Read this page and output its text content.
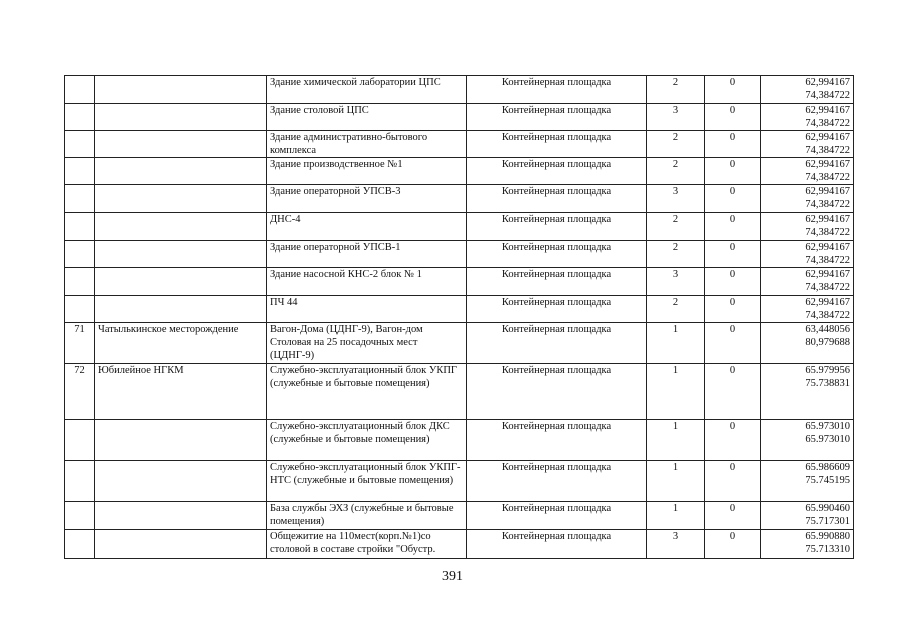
		Здание химической лаборатории ЦПС	Контейнерная площадка	2	0	62,994167
74,384722

		Здание столовой ЦПС	Контейнерная площадка	3	0	62,994167
74,384722

		Здание административно-бытового комплекса	Контейнерная площадка	2	0	62,994167
74,384722

		Здание производственное №1	Контейнерная площадка	2	0	62,994167
74,384722

		Здание операторной УПСВ-3	Контейнерная площадка	3	0	62,994167
74,384722

		ДНС-4	Контейнерная площадка	2	0	62,994167
74,384722

		Здание операторной УПСВ-1	Контейнерная площадка	2	0	62,994167
74,384722

		Здание насосной КНС-2 блок № 1	Контейнерная площадка	3	0	62,994167
74,384722

		ПЧ 44	Контейнерная площадка	2	0	62,994167
74,384722

71	Чатылькинское месторождение	Вагон-Дома (ЦДНГ-9), Вагон-дом Столовая на 25 посадочных мест (ЦДНГ-9)	Контейнерная площадка	1	0	63,448056
80,979688

72	Юбилейное НГКМ	Служебно-эксплуатационный блок УКПГ (служебные и бытовые помещения)	Контейнерная площадка	1	0	65.979956
75.738831

		Служебно-эксплуатационный блок ДКС (служебные и бытовые помещения)	Контейнерная площадка	1	0	65.973010
65.973010

		Служебно-эксплуатационный блок УКПГ-НТС (служебные и бытовые помещения)	Контейнерная площадка	1	0	65.986609
75.745195

		База службы ЭХЗ (служебные и бытовые помещения)	Контейнерная площадка	1	0	65.990460
75.717301

		Общежитие на 110мест(корп.№1)со столовой в составе стройки "Обустр.	Контейнерная площадка	3	0	65.990880
75.713310
391
